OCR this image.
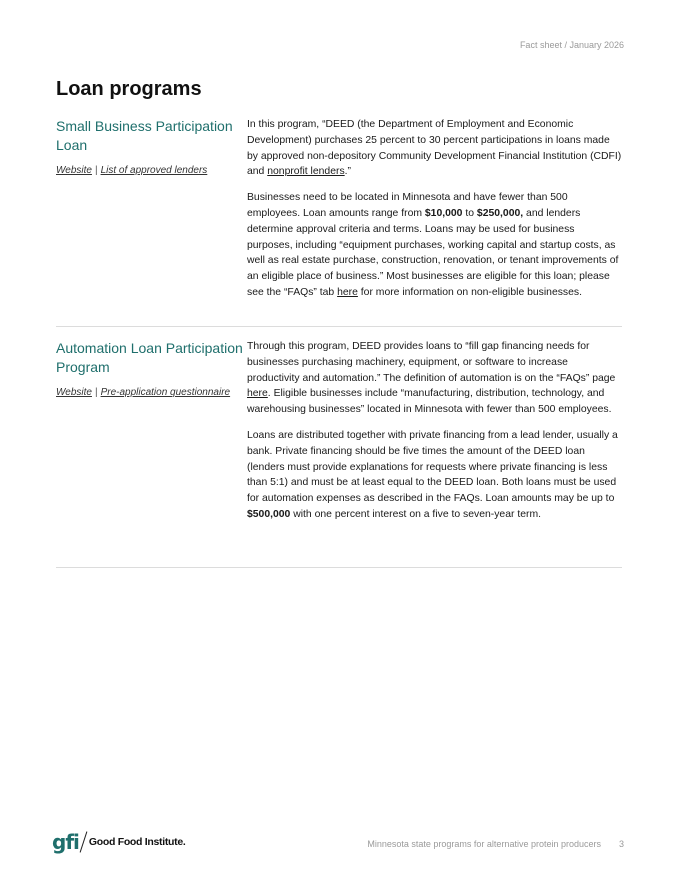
Fact sheet / January 2026
Loan programs
Small Business Participation Loan
Website | List of approved lenders

In this program, “DEED (the Department of Employment and Economic Development) purchases 25 percent to 30 percent participations in loans made by approved non-depository Community Development Financial Institution (CDFI) and nonprofit lenders.”

Businesses need to be located in Minnesota and have fewer than 500 employees. Loan amounts range from $10,000 to $250,000, and lenders determine approval criteria and terms. Loans may be used for business purposes, including “equipment purchases, working capital and startup costs, as well as real estate purchase, construction, renovation, or tenant improvements of an eligible place of business.” Most businesses are eligible for this loan; please see the “FAQs” tab here for more information on non-eligible businesses.

Automation Loan Participation Program
Website | Pre-application questionnaire

Through this program, DEED provides loans to “fill gap financing needs for businesses purchasing machinery, equipment, or software to increase productivity and automation.” The definition of automation is on the “FAQs” page here. Eligible businesses include “manufacturing, distribution, technology, and warehousing businesses” located in Minnesota with fewer than 500 employees.

Loans are distributed together with private financing from a lead lender, usually a bank. Private financing should be five times the amount of the DEED loan (lenders must provide explanations for requests where private financing is less than 5:1) and must be at least equal to the DEED loan. Both loans must be used for automation expenses as described in the FAQs. Loan amounts may be up to $500,000 with one percent interest on a five to seven-year term.

gfi Good Food Institute.	Minnesota state programs for alternative protein producers 3
